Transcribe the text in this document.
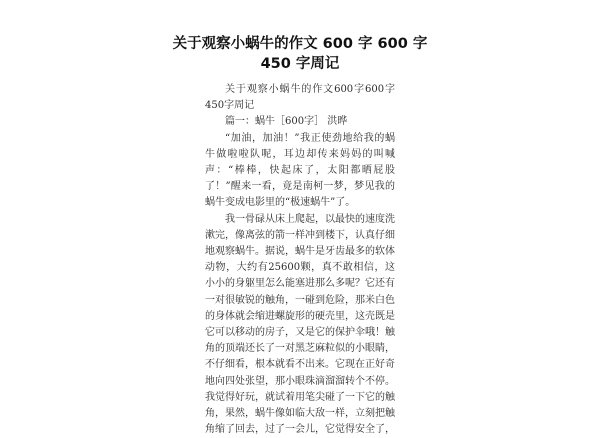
关于观察小蜗牛的作文 600 字 600 字
450 字周记

关于观察小蜗牛的作文600字600字450字周记

篇一：蜗牛［600字］ 洪晔

“加油，加油！”我正使劲地给我的蜗牛做啦啦队呢，耳边却传来妈妈的叫喊声：“棒棒，快起床了，太阳都晒屁股了！”醒来一看，竟是南柯一梦，梦见我的蜗牛变成电影里的“极速蜗牛”了。

我一骨碌从床上爬起，以最快的速度洗漱完，像离弦的箭一样冲到楼下，认真仔细地观察蜗牛。据说，蜗牛是牙齿最多的软体动物，大约有25600颗，真不敢相信，这小小的身躯里怎么能塞进那么多呢？它还有一对很敏锐的触角，一碰到危险，那米白色的身体就会缩进螺旋形的硬壳里，这壳既是它可以移动的房子，又是它的保护伞哦！触角的顶端还长了一对黑芝麻粒似的小眼睛，不仔细看，根本就看不出来。它现在正好奇地向四处张望，那小眼珠滴溜溜转个不停。我觉得好玩，就试着用笔尖碰了一下它的触角，果然，蜗牛像如临大敌一样，立刻把触角缩了回去，过了一会儿，它觉得安全了，
